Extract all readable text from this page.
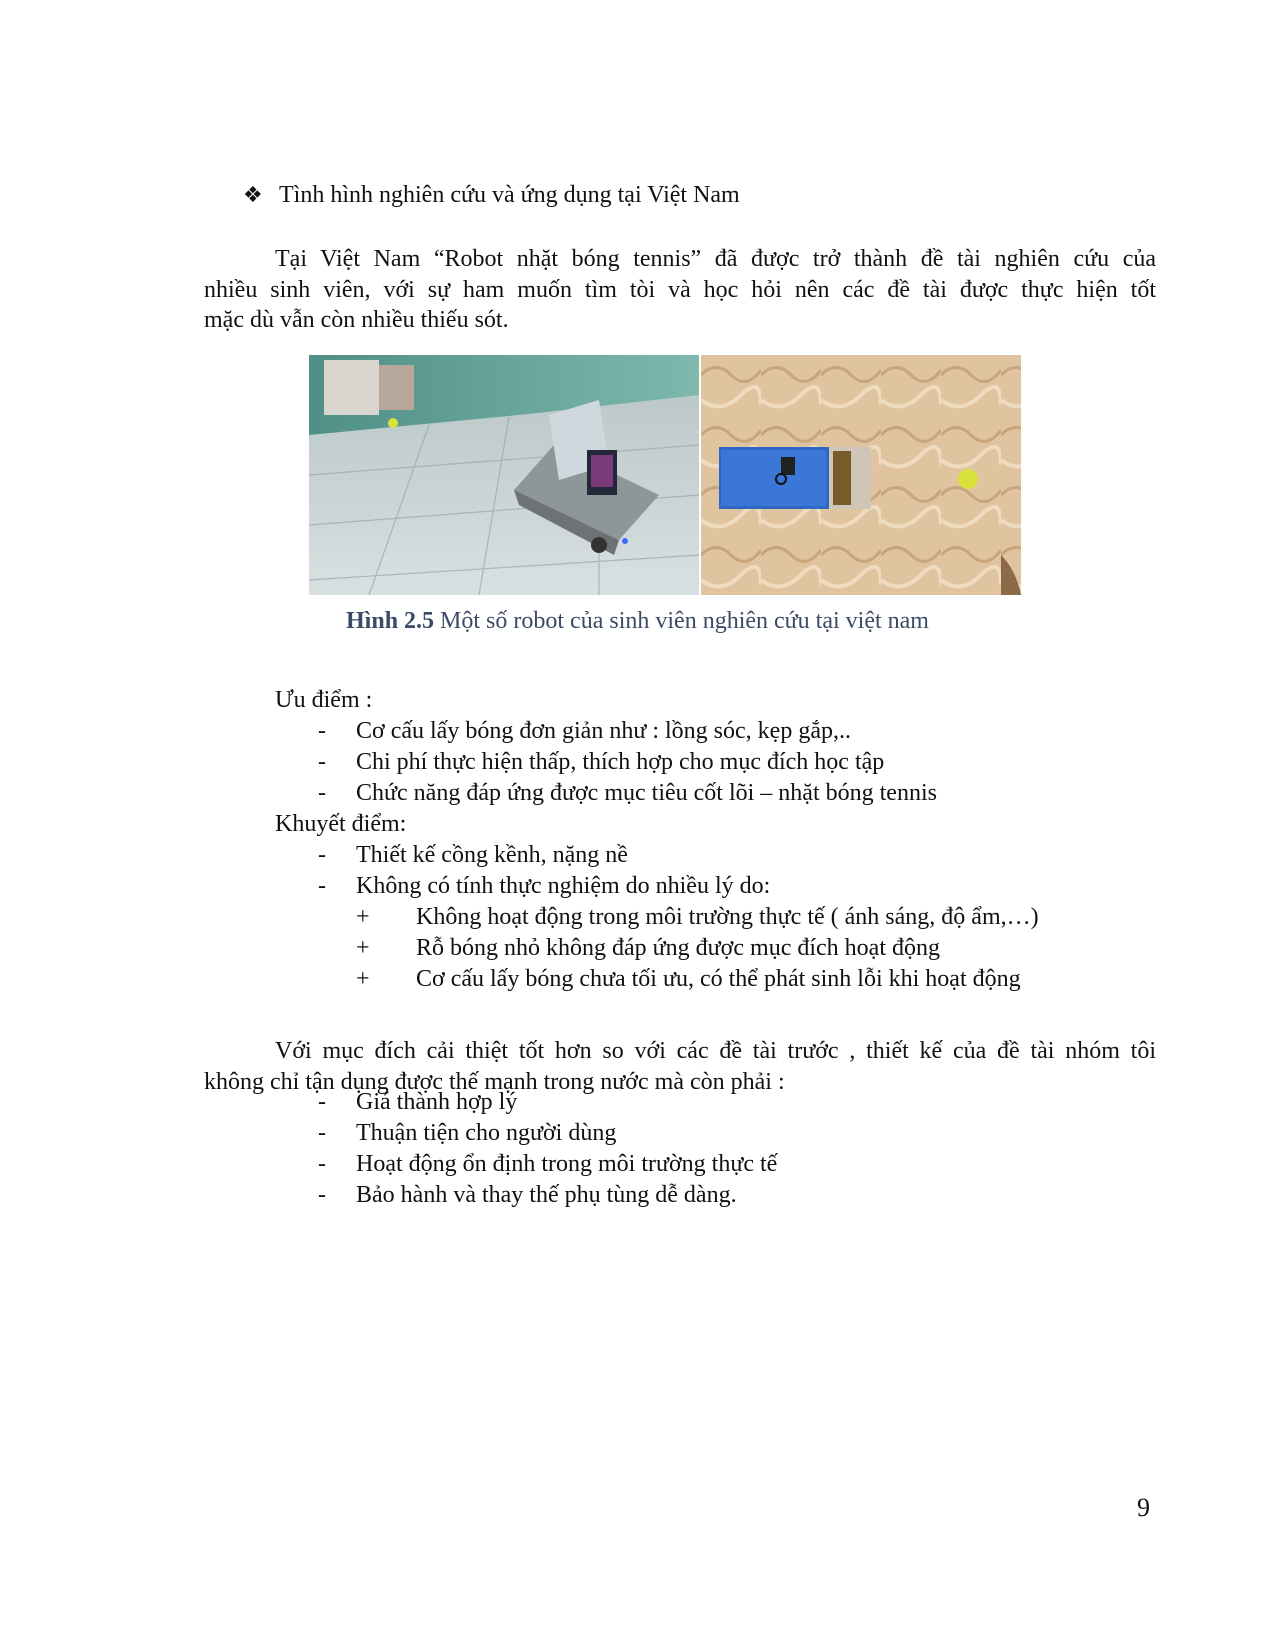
❖ Tình hình nghiên cứu và ứng dụng tại Việt Nam
Tại Việt Nam “Robot nhặt bóng tennis” đã được trở thành đề tài nghiên cứu của
nhiều sinh viên, với sự ham muốn tìm tòi và học hỏi nên các đề tài được thực hiện tốt
mặc dù vẫn còn nhiều thiếu sót.
Hình 2.5 Một số robot của sinh viên nghiên cứu tại việt nam
Ưu điểm :
- Cơ cấu lấy bóng đơn giản như : lồng sóc, kẹp gắp,..
- Chi phí thực hiện thấp, thích hợp cho mục đích học tập
- Chức năng đáp ứng được mục tiêu cốt lõi – nhặt bóng tennis
Khuyết điểm:
- Thiết kế cồng kềnh, nặng nề
- Không có tính thực nghiệm do nhiều lý do:
+ Không hoạt động trong môi trường thực tế ( ánh sáng, độ ẩm,…)
+ Rỗ bóng nhỏ không đáp ứng được mục đích hoạt động
+ Cơ cấu lấy bóng chưa tối ưu, có thể phát sinh lỗi khi hoạt động
Với mục đích cải thiệt tốt hơn so với các đề tài trước , thiết kế của đề tài nhóm tôi
không chỉ tận dụng được thế mạnh trong nước mà còn phải :
- Giá thành hợp lý
- Thuận tiện cho người dùng
- Hoạt động ổn định trong môi trường thực tế
- Bảo hành và thay thế phụ tùng dễ dàng.
9
